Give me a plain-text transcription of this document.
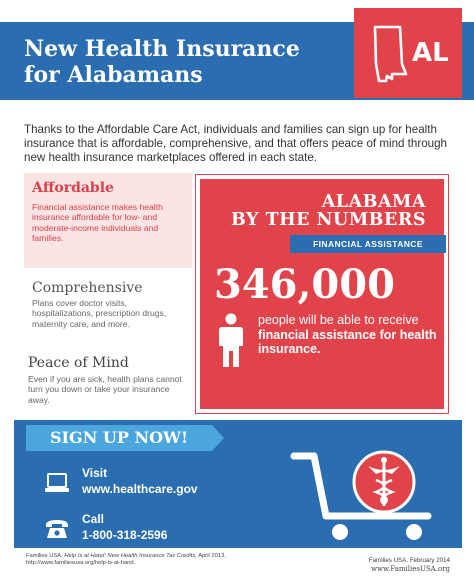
New Health Insurance
for Alabamans
AL

Thanks to the Affordable Care Act, individuals and families can sign up for health insurance that is affordable, comprehensive, and that offers peace of mind through new health insurance marketplaces offered in each state.

Affordable
Financial assistance makes health insurance affordable for low- and moderate-income individuals and families.
Comprehensive
Plans cover doctor visits, hospitalizations, prescription drugs, maternity care, and more.
Peace of Mind
Even if you are sick, health plans cannot turn you down or take your insurance away.
ALABAMA
BY THE NUMBERS
FINANCIAL ASSISTANCE
346,000
people will be able to receive financial assistance for health insurance.
SIGN UP NOW!
Visit
www.healthcare.gov
Call
1-800-318-2596
Families USA, Help Is at Hand: New Health Insurance Tax Credits, April 2013, http://www.familiesusa.org/help-is-at-hand.	Families USA, February 2014
www.FamiliesUSA.org
